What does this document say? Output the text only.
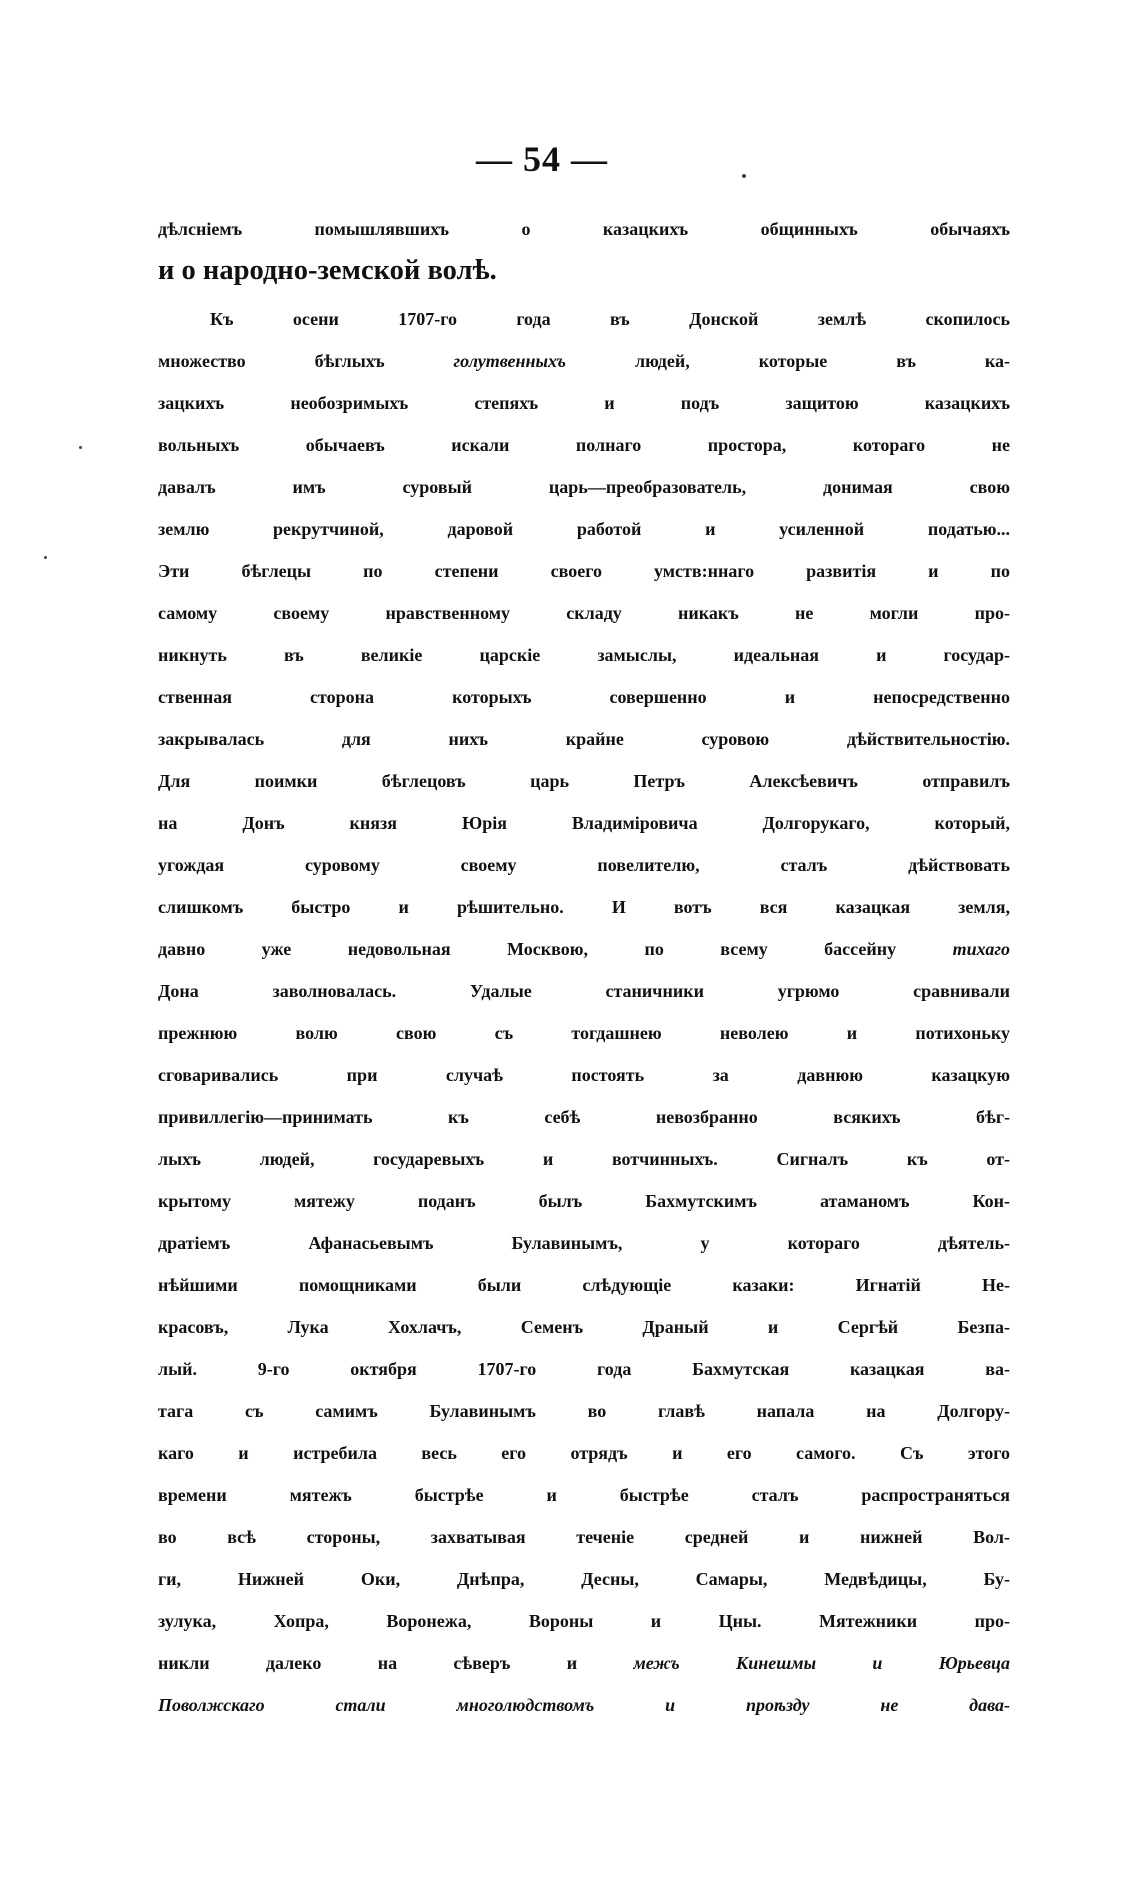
— 54 —
дѣлсніемъ помышлявшихъ о казацкихъ общинныхъ обычаяхъ
и о народно-земской волѣ.
Къ осени 1707-го года въ Донской землѣ скопилось
множество бѣглыхъ голутвенныхъ людей, которые въ ка-
зацкихъ необозримыхъ степяхъ и подъ защитою казацкихъ
вольныхъ обычаевъ искали полнаго простора, котораго не
давалъ имъ суровый царь—преобразователь, донимая свою
землю рекрутчиной, даровой работой и усиленной податью...
Эти бѣглецы по степени своего умств:ннаго развитія и по
самому своему нравственному складу никакъ не могли про-
никнуть въ великіе царскіе замыслы, идеальная и государ-
ственная сторона которыхъ совершенно и непосредственно
закрывалась для нихъ крайне суровою дѣйствительностію.
Для поимки бѣглецовъ царь Петръ Алексѣевичъ отправилъ
на Донъ князя Юрія Владиміровича Долгорукаго, который,
угождая суровому своему повелителю, сталъ дѣйствовать
слишкомъ быстро и рѣшительно. И вотъ вся казацкая земля,
давно уже недовольная Москвою, по всему бассейну тихаго
Дона заволновалась. Удалые станичники угрюмо сравнивали
прежнюю волю свою съ тогдашнею неволею и потихоньку
сговаривались при случаѣ постоять за давнюю казацкую
привиллегію—принимать къ себѣ невозбранно всякихъ бѣг-
лыхъ людей, государевыхъ и вотчинныхъ. Сигналъ къ от-
крытому мятежу поданъ былъ Бахмутскимъ атаманомъ Кон-
дратіемъ Афанасьевымъ Булавинымъ, у котораго дѣятель-
нѣйшими помощниками были слѣдующіе казаки: Игнатій Не-
красовъ, Лука Хохлачъ, Семенъ Драный и Сергѣй Безпа-
лый. 9-го октября 1707-го года Бахмутская казацкая ва-
тага съ самимъ Булавинымъ во главѣ напала на Долгору-
каго и истребила весь его отрядъ и его самого. Съ этого
времени мятежъ быстрѣе и быстрѣе сталъ распространяться
во всѣ стороны, захватывая теченіе средней и нижней Вол-
ги, Нижней Оки, Днѣпра, Десны, Самары, Медвѣдицы, Бу-
зулука, Хопра, Воронежа, Вороны и Цны. Мятежники про-
никли далеко на сѣверъ и межъ Кинешмы и Юрьевца
Поволжскаго стали многолюдствомъ и проѣзду не дава-
